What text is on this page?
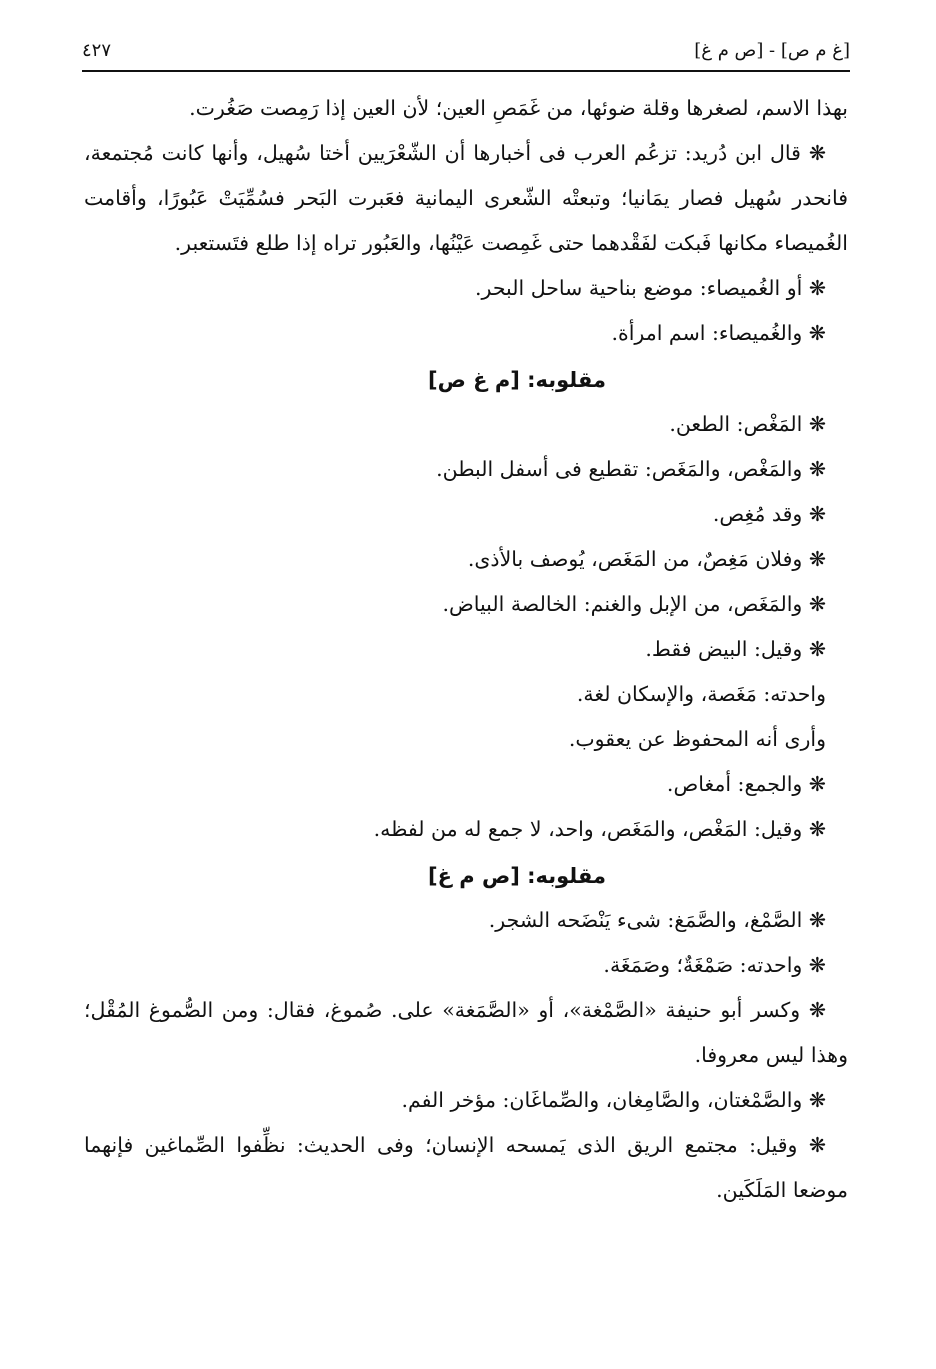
[غ م ص] - [ص م غ]
٤٢٧

بهذا الاسم، لصغرها وقلة ضوئها، من غَمَصِ العين؛ لأن العين إذا رَمِصت صَغُرت.

❋ قال ابن دُريد: تزعُم العرب فى أخبارها أن الشّعْرَيين أختا سُهيل، وأنها كانت مُجتمعة، فانحدر سُهيل فصار يمَانيا؛ وتبعتْه الشّعرى اليمانية فعَبرت البَحر فسُمِّيَتْ عَبُورًا، وأقامت الغُميصاء مكانها فَبكت لفَقْدهما حتى غَمِصت عَيْنُها، والعَبُور تراه إذا طلع فتَستعبر.

❋ أو الغُميصاء: موضع بناحية ساحل البحر.

❋ والغُميصاء: اسم امرأة.

مقلوبه: [م غ ص]

❋ المَغْص: الطعن.

❋ والمَغْص، والمَغَص: تقطيع فى أسفل البطن.

❋ وقد مُغِص.

❋ وفلان مَغِصٌ، من المَغَص، يُوصف بالأذى.

❋ والمَغَص، من الإبل والغنم: الخالصة البياض.

❋ وقيل: البيض فقط.

واحدته: مَغَصة، والإسكان لغة.

وأرى أنه المحفوظ عن يعقوب.

❋ والجمع: أمغاص.

❋ وقيل: المَغْص، والمَغَص، واحد، لا جمع له من لفظه.

مقلوبه: [ص م غ]

❋ الصَّمْغ، والصَّمَغ: شىء يَنْضَحه الشجر.

❋ واحدته: صَمْغَةٌ؛ وصَمَغَة.

❋ وكسر أبو حنيفة «الصَّمْغة»، أو «الصَّمَغة» على. صُموغ، فقال: ومن الصُّموغ المُقْل؛ وهذا ليس معروفا.

❋ والصَّمْغتان، والصَّامِغان، والصِّماغَان: مؤخر الفم.

❋ وقيل: مجتمع الريق الذى يَمسحه الإنسان؛ وفى الحديث: نظِّفوا الصِّماغين فإنهما موضعا المَلَكَين.
